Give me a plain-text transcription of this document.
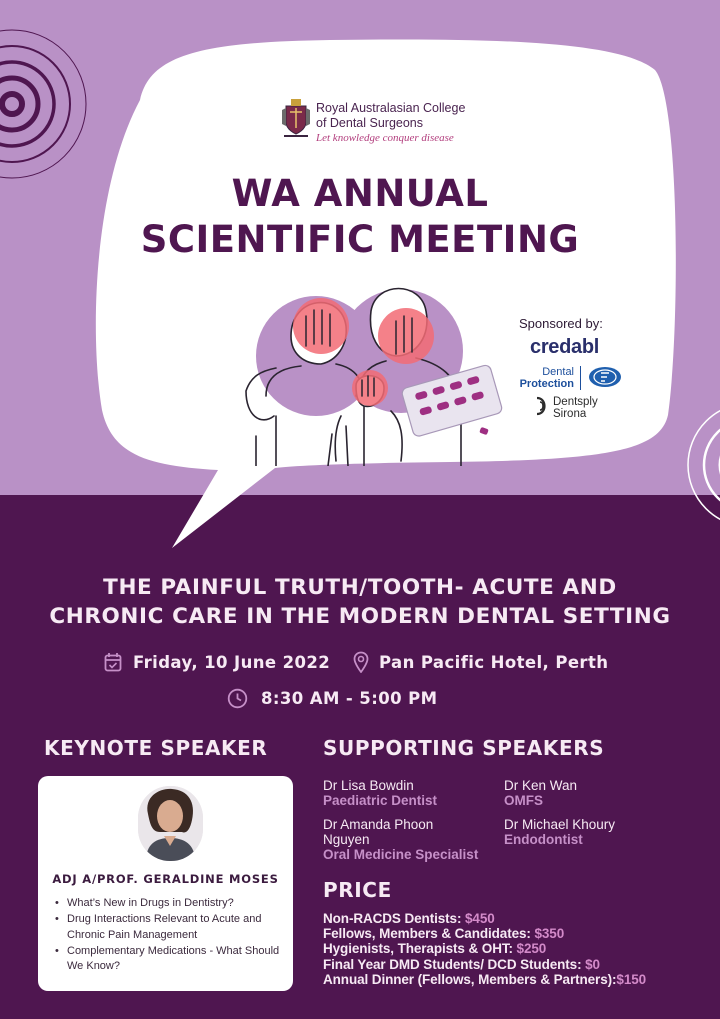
Royal Australasian College
of Dental Surgeons
Let knowledge conquer disease
WA ANNUAL
SCIENTIFIC MEETING
Sponsored by:
credabl
Dental
Protection
Dentsply
Sirona
THE PAINFUL TRUTH/TOOTH- ACUTE AND
CHRONIC CARE IN THE MODERN DENTAL SETTING
Friday, 10 June 2022	Pan Pacific Hotel, Perth
8:30 AM - 5:00 PM
KEYNOTE SPEAKER
ADJ A/PROF. GERALDINE MOSES
• What’s New in Drugs in Dentistry?
• Drug Interactions Relevant to Acute and Chronic Pain Management
• Complementary Medications - What Should We Know?
SUPPORTING SPEAKERS
Dr Lisa Bowdin
Paediatric Dentist
Dr Ken Wan
OMFS
Dr Amanda Phoon Nguyen
Oral Medicine Specialist
Dr Michael Khoury
Endodontist
PRICE
Non-RACDS Dentists: $450
Fellows, Members & Candidates: $350
Hygienists, Therapists & OHT: $250
Final Year DMD Students/ DCD Students: $0
Annual Dinner (Fellows, Members & Partners):$150
